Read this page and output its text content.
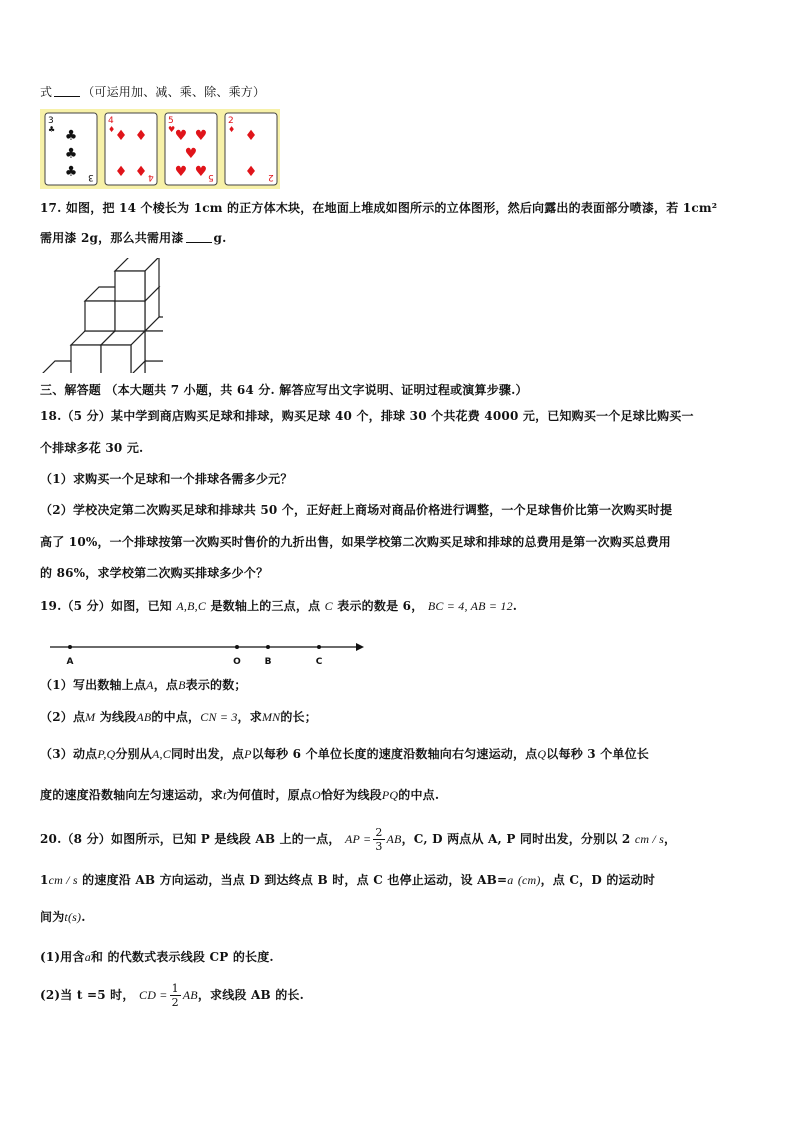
式	（可运用加、减、乘、除、乘方）
3
♣ ♣
♣
♣ 3
4
♦ ♦ ♦
♦ ♦ 4
5
♥ ♥ ♥
♥
♥ ♥ 5
2
♦ ♦
♦ 2
17. 如图，把 14 个棱长为 1cm 的正方体木块，在地面上堆成如图所示的立体图形，然后向露出的表面部分喷漆，若 1cm²
需用漆 2g，那么共需用漆	g.
三、解答题 （本大题共 7 小题，共 64 分. 解答应写出文字说明、证明过程或演算步骤.）
18.（5 分）某中学到商店购买足球和排球，购买足球 40 个，排球 30 个共花费 4000 元，已知购买一个足球比购买一
个排球多花 30 元.
（1）求购买一个足球和一个排球各需多少元？
（2）学校决定第二次购买足球和排球共 50 个，正好赶上商场对商品价格进行调整，一个足球售价比第一次购买时提
高了 10%，一个排球按第一次购买时售价的九折出售，如果学校第二次购买足球和排球的总费用是第一次购买总费用
的 86%，求学校第二次购买排球多少个？
19.（5 分）如图，已知 A,B,C 是数轴上的三点，点 C 表示的数是 6， BC = 4, AB = 12.
A	O	B	C
（1）写出数轴上点A，点B表示的数；
（2）点M 为线段AB的中点，CN = 3，求MN的长；
（3）动点P,Q分别从A,C同时出发，点P以每秒 6 个单位长度的速度沿数轴向右匀速运动，点Q以每秒 3 个单位长
度的速度沿数轴向左匀速运动，求t为何值时，原点O恰好为线段PQ的中点.
20.（8 分）如图所示，已知 P 是线段 AB 上的一点， AP = $\frac{2}{3}$ AB，C, D 两点从 A, P 同时出发，分别以 2 cm / s，
1cm / s 的速度沿 AB 方向运动，当点 D 到达终点 B 时，点 C 也停止运动，设 AB=a (cm)，点 C，D 的运动时
间为t(s).
(1)用含a和 的代数式表示线段 CP 的长度.
(2)当 t =5 时， CD = $\frac{1}{2}$ AB，求线段 AB 的长.
